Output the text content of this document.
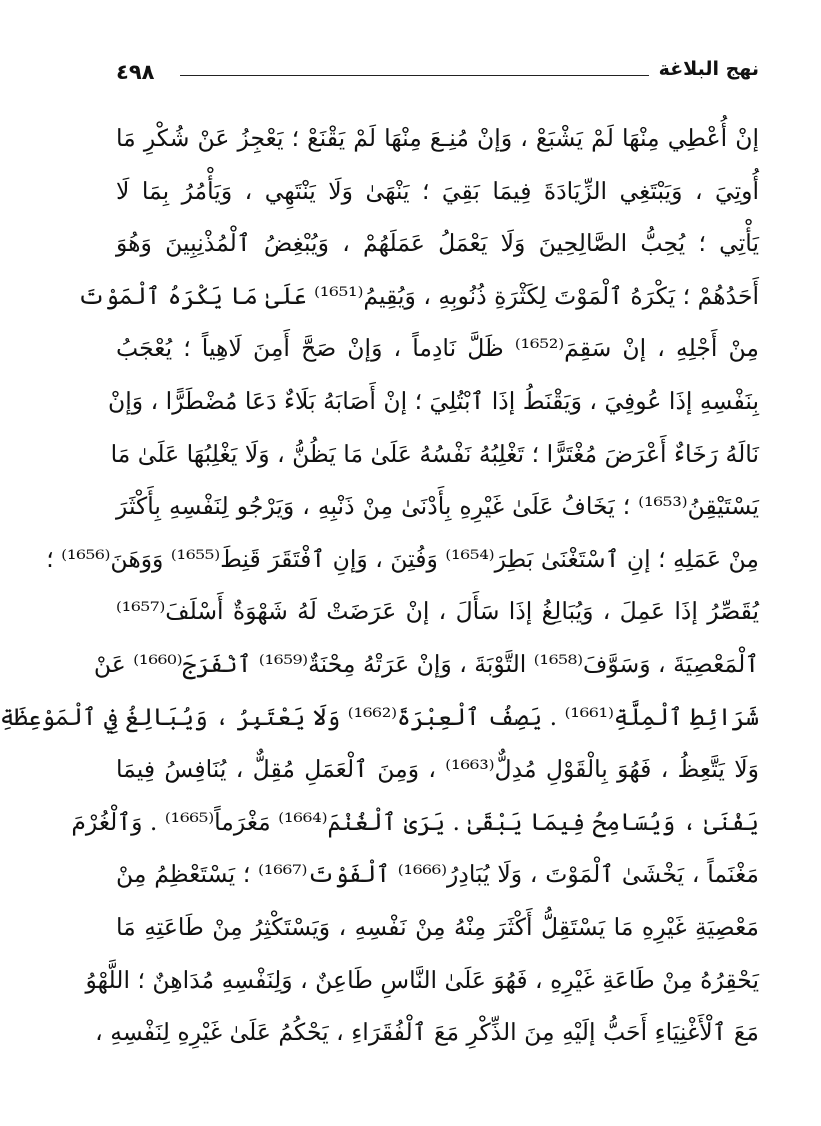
٤٩٨	نهج البلاغة
إنْ أُعْطِي مِنْهَا لَمْ يَشْبَعْ ، وَإنْ مُنِـعَ مِنْهَا لَمْ يَقْنَعْ ؛ يَعْجِزُ عَنْ شُكْرِ مَا
أُوتِيَ ، وَيَبْتَغِي الزِّيَادَةَ فِيمَا بَقِيَ ؛ يَنْهَىٰ وَلَا يَنْتَهِي ، وَيَأْمُرُ بِمَا لَا
يَأْتِي ؛ يُحِبُّ الصَّالِحِينَ وَلَا يَعْمَلُ عَمَلَهُمْ ، وَيُبْغِضُ ٱلْمُذْنِبِينَ وَهُوَ
أَحَدُهُمْ ؛ يَكْرَهُ ٱلْمَوْتَ لِكَثْرَةِ ذُنُوبِهِ ، وَيُقِيمُ⁽¹⁶⁵¹⁾ عَلَىٰ مَا يَكْرَهُ ٱلْمَوْتَ
مِنْ أَجْلِهِ ، إنْ سَقِمَ⁽¹⁶⁵²⁾ ظَلَّ نَادِماً ، وَإنْ صَحَّ أَمِنَ لَاهِياً ؛ يُعْجَبُ
بِنَفْسِهِ إذَا عُوفِيَ ، وَيَقْنَطُ إذَا ٱبْتُلِيَ ؛ إنْ أَصَابَهُ بَلَاءٌ دَعَا مُضْطَرًّا ، وَإنْ
نَالَهُ رَخَاءٌ أَعْرَضَ مُغْتَرًّا ؛ تَغْلِبُهُ نَفْسُهُ عَلَىٰ مَا يَظُنُّ ، وَلَا يَغْلِبُهَا عَلَىٰ مَا
يَسْتَيْقِنُ⁽¹⁶⁵³⁾ ؛ يَخَافُ عَلَىٰ غَيْرِهِ بِأَدْنَىٰ مِنْ ذَنْبِهِ ، وَيَرْجُو لِنَفْسِهِ بِأَكْثَرَ
مِنْ عَمَلِهِ ؛ إنِ ٱسْتَغْنَىٰ بَطِرَ⁽¹⁶⁵⁴⁾ وَفُتِنَ ، وَإنِ ٱفْتَقَرَ قَنِطَ⁽¹⁶⁵⁵⁾ وَوَهَنَ⁽¹⁶⁵⁶⁾ ؛
يُقَصِّرُ إذَا عَمِلَ ، وَيُبَالِغُ إذَا سَأَلَ ، إنْ عَرَضَتْ لَهُ شَهْوَةٌ أَسْلَفَ⁽¹⁶⁵⁷⁾
ٱلْمَعْصِيَةَ ، وَسَوَّفَ⁽¹⁶⁵⁸⁾ التَّوْبَةَ ، وَإنْ عَرَتْهُ مِحْنَةٌ⁽¹⁶⁵⁹⁾ ٱنْفَرَجَ⁽¹⁶⁶⁰⁾ عَنْ
شَرَائِطِ ٱلْمِلَّةِ⁽¹⁶⁶¹⁾ . يَصِفُ ٱلْعِبْرَةَ⁽¹⁶⁶²⁾ وَلَا يَعْتَبِرُ ، وَيُبَالِغُ فِي ٱلْمَوْعِظَةِ
وَلَا يَتَّعِظُ ، فَهُوَ بِالْقَوْلِ مُدِلٌّ⁽¹⁶⁶³⁾ ، وَمِنَ ٱلْعَمَلِ مُقِلٌّ ، يُنَافِسُ فِيمَا
يَفْنَىٰ ، وَيُسَامِحُ فِيمَا يَبْقَىٰ . يَرَىٰ ٱلْغُنْمَ⁽¹⁶⁶⁴⁾ مَغْرَماً⁽¹⁶⁶⁵⁾ . وَٱلْغُرْمَ
مَغْنَماً ، يَخْشَىٰ ٱلْمَوْتَ ، وَلَا يُبَادِرُ⁽¹⁶⁶⁶⁾ ٱلْفَوْتَ⁽¹⁶⁶⁷⁾ ؛ يَسْتَعْظِمُ مِنْ
مَعْصِيَةِ غَيْرِهِ مَا يَسْتَقِلُّ أَكْثَرَ مِنْهُ مِنْ نَفْسِهِ ، وَيَسْتَكْثِرُ مِنْ طَاعَتِهِ مَا
يَحْقِرُهُ مِنْ طَاعَةِ غَيْرِهِ ، فَهُوَ عَلَىٰ النَّاسِ طَاعِنٌ ، وَلِنَفْسِهِ مُدَاهِنٌ ؛ اللَّهْوُ
مَعَ ٱلْأَغْنِيَاءِ أَحَبُّ إلَيْهِ مِنَ الذِّكْرِ مَعَ ٱلْفُقَرَاءِ ، يَحْكُمُ عَلَىٰ غَيْرِهِ لِنَفْسِهِ ،
